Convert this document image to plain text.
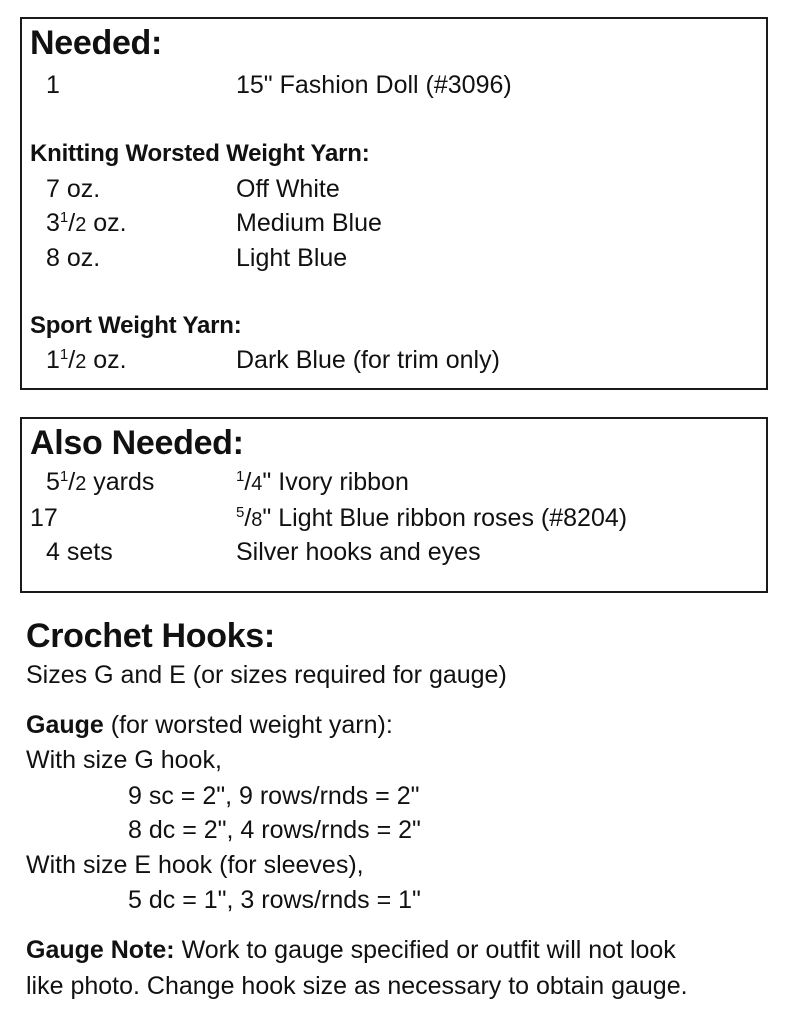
Needed:
1	15" Fashion Doll (#3096)
Knitting Worsted Weight Yarn:
7 oz.	Off White
$3^1/2$ oz.	Medium Blue
8 oz.	Light Blue
Sport Weight Yarn:
$1^1/2$ oz.	Dark Blue (for trim only)
Also Needed:
$5^1/2$ yards	$^1$/4" Ivory ribbon
17	$^5$/8" Light Blue ribbon roses (#8204)
4 sets	Silver hooks and eyes
Crochet Hooks:
Sizes G and E (or sizes required for gauge)
Gauge (for worsted weight yarn):
With size G hook,
9 sc = 2", 9 rows/rnds = 2"
8 dc = 2", 4 rows/rnds = 2"
With size E hook (for sleeves),
5 dc = 1", 3 rows/rnds = 1"
Gauge Note: Work to gauge specified or outfit will not look
like photo. Change hook size as necessary to obtain gauge.
